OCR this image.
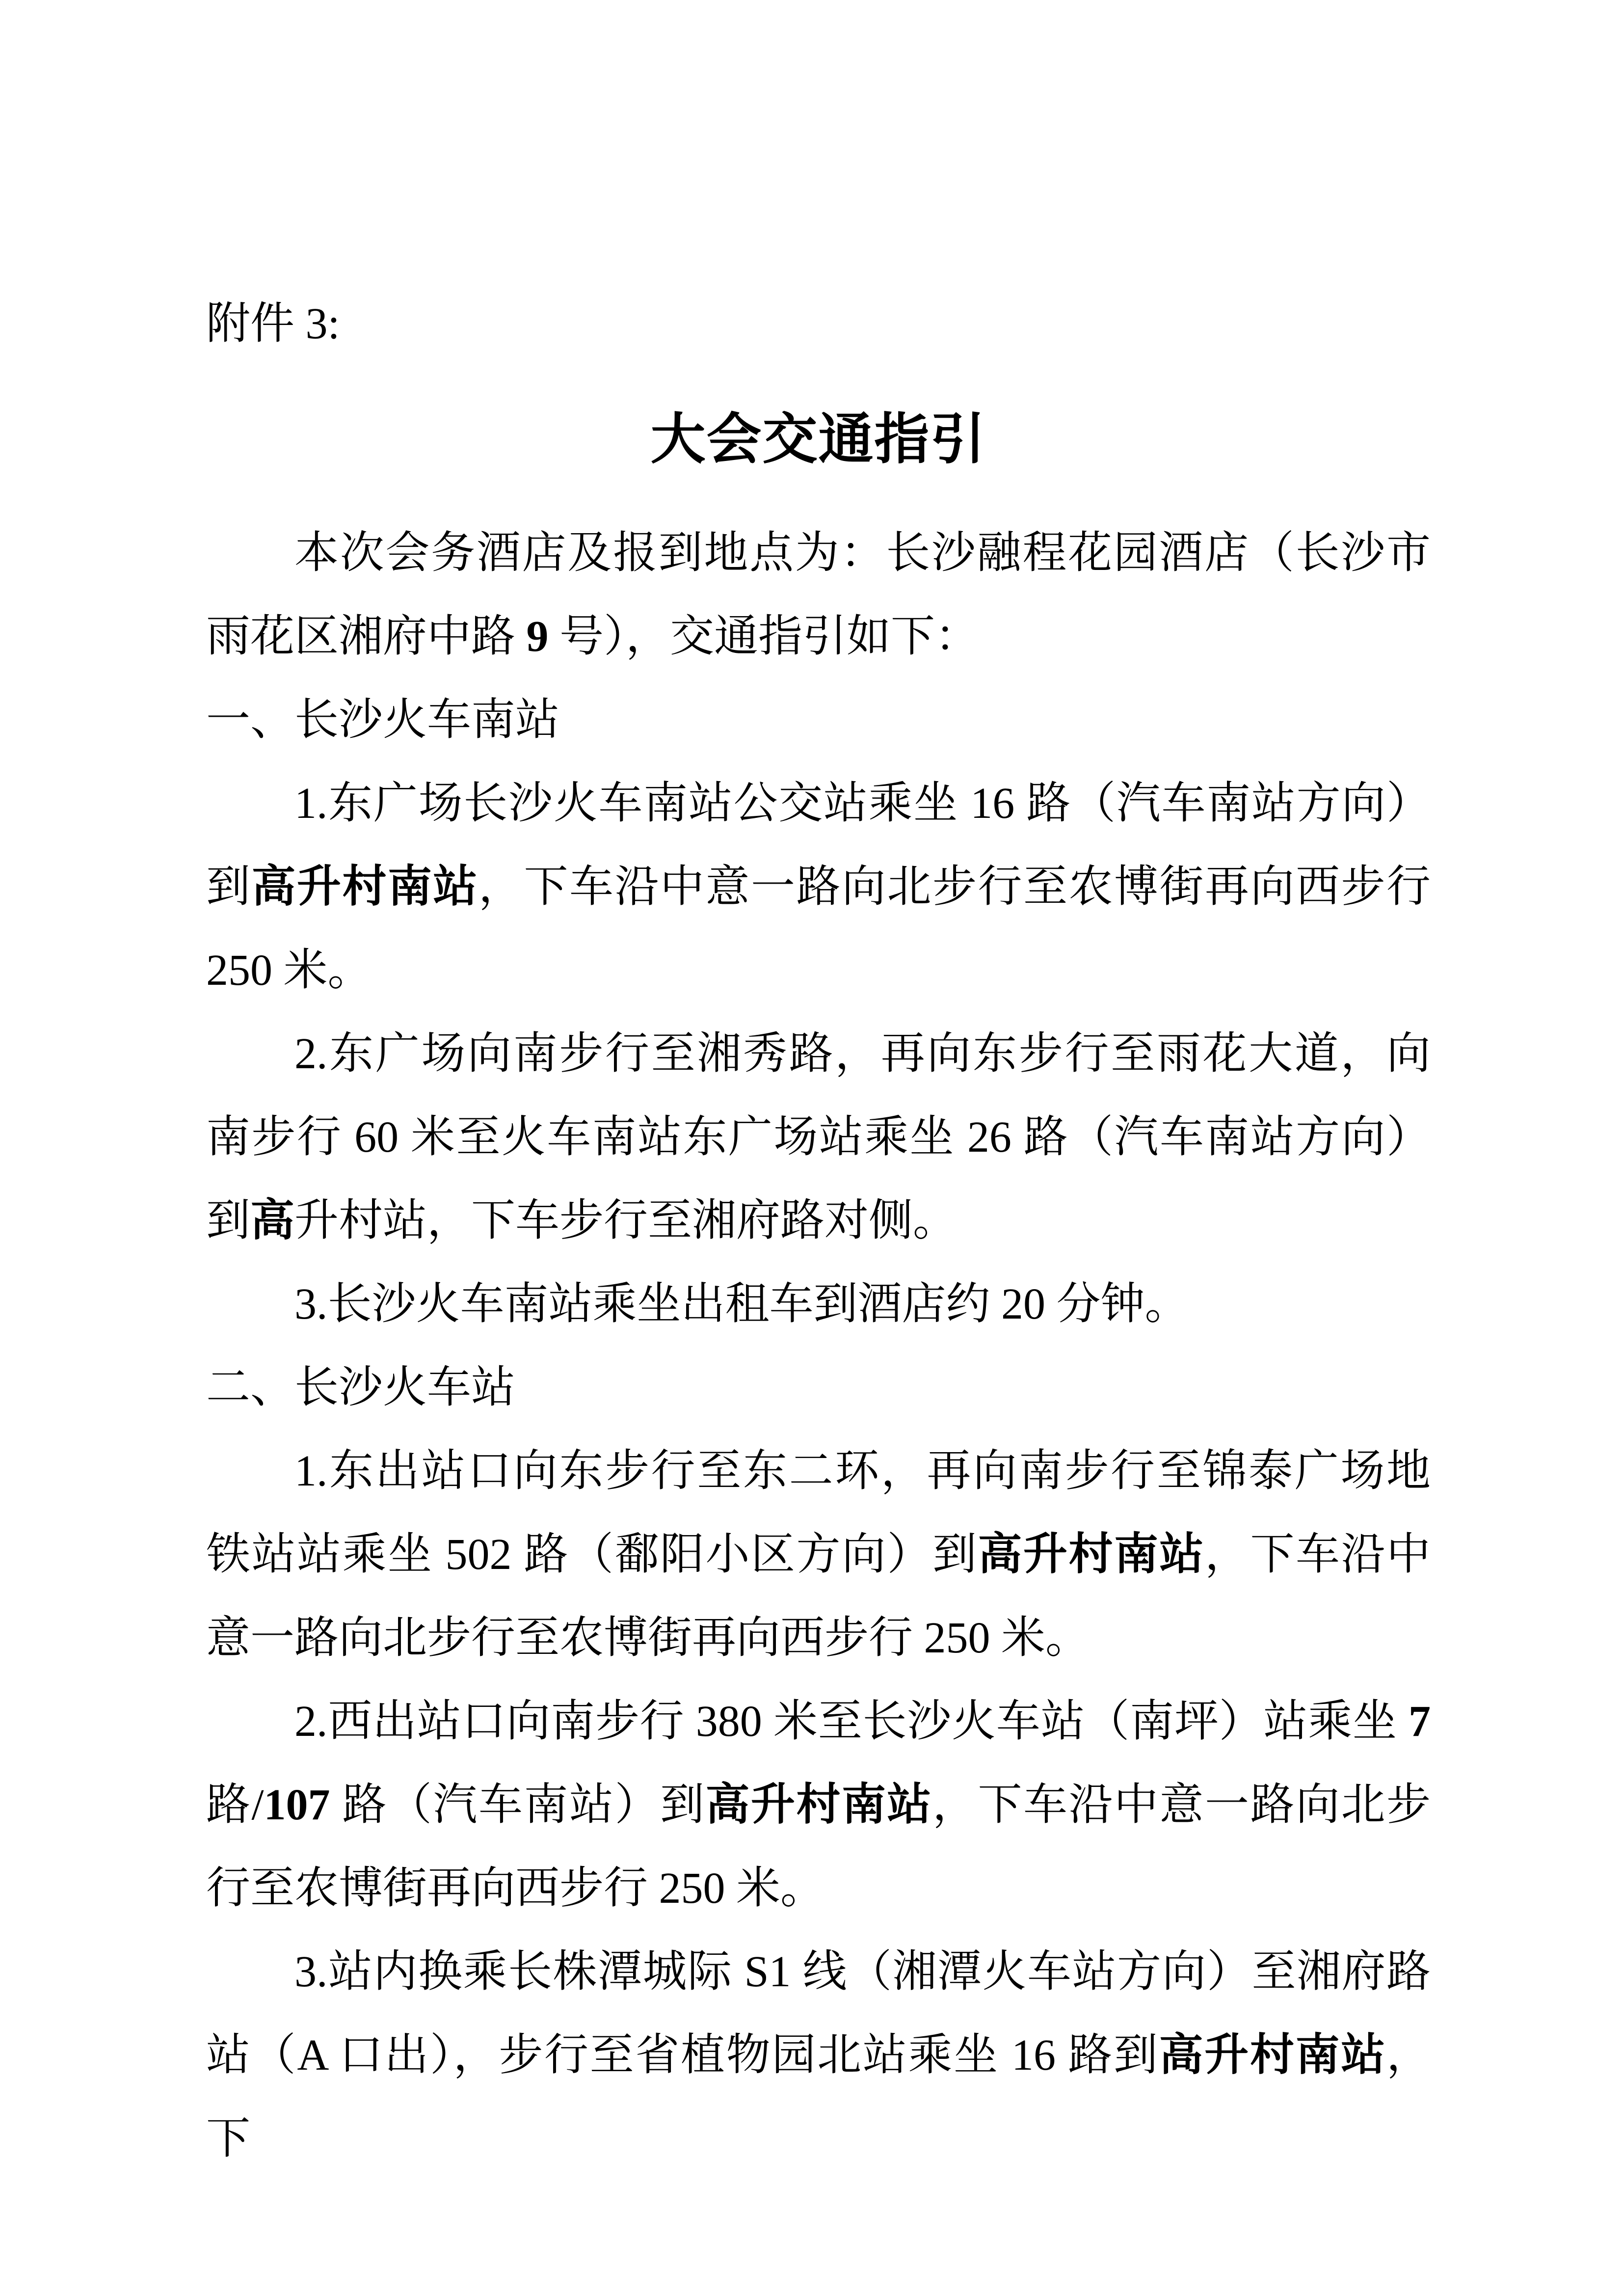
附件 3:

大会交通指引

本次会务酒店及报到地点为：长沙融程花园酒店（长沙市雨花区湘府中路 9 号），交通指引如下：

一、长沙火车南站

1.东广场长沙火车南站公交站乘坐 16 路（汽车南站方向）到高升村南站，下车沿中意一路向北步行至农博街再向西步行 250 米。

2.东广场向南步行至湘秀路，再向东步行至雨花大道，向南步行 60 米至火车南站东广场站乘坐 26 路（汽车南站方向）到高升村站，下车步行至湘府路对侧。

3.长沙火车南站乘坐出租车到酒店约 20 分钟。

二、长沙火车站

1.东出站口向东步行至东二环，再向南步行至锦泰广场地铁站站乘坐 502 路（鄱阳小区方向）到高升村南站，下车沿中意一路向北步行至农博街再向西步行 250 米。

2.西出站口向南步行 380 米至长沙火车站（南坪）站乘坐 7 路/107 路（汽车南站）到高升村南站，下车沿中意一路向北步行至农博街再向西步行 250 米。

3.站内换乘长株潭城际 S1 线（湘潭火车站方向）至湘府路站（A 口出），步行至省植物园北站乘坐 16 路到高升村南站，下
